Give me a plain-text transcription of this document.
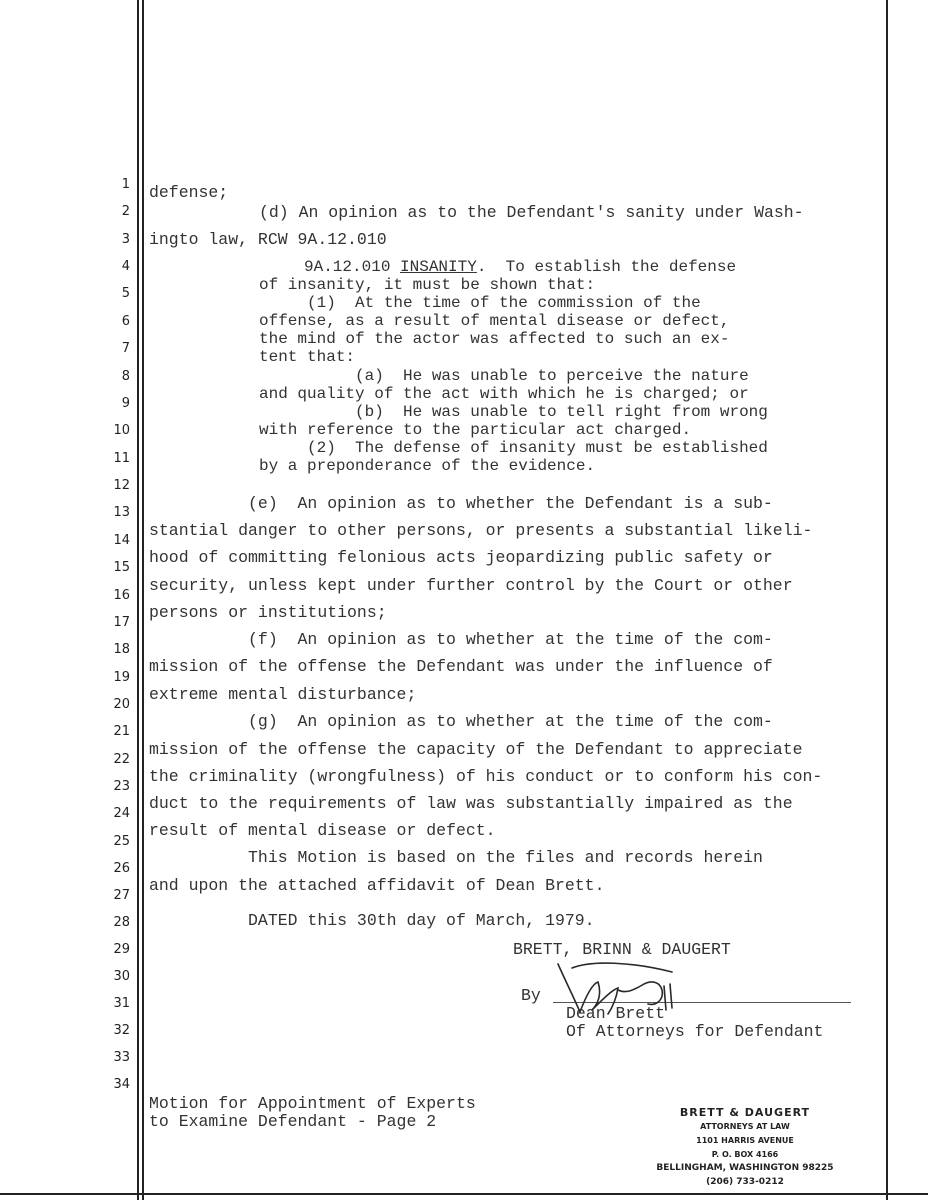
1
2
3
4
5
6
7
8
9
10
11
12
13
14
15
16
17
18
19
20
21
22
23
24
25
26
27
28
29
30
31
32
33
34
defense;
(d) An opinion as to the Defendant's sanity under Wash-
ingto law, RCW 9A.12.010
9A.12.010 INSANITY.  To establish the defense
of insanity, it must be shown that:
(1)  At the time of the commission of the
offense, as a result of mental disease or defect,
the mind of the actor was affected to such an ex-
tent that:
(a)  He was unable to perceive the nature
and quality of the act with which he is charged; or
(b)  He was unable to tell right from wrong
with reference to the particular act charged.
(2)  The defense of insanity must be established
by a preponderance of the evidence.
(e)  An opinion as to whether the Defendant is a sub-
stantial danger to other persons, or presents a substantial likeli-
hood of committing felonious acts jeopardizing public safety or
security, unless kept under further control by the Court or other
persons or institutions;
(f)  An opinion as to whether at the time of the com-
mission of the offense the Defendant was under the influence of
extreme mental disturbance;
(g)  An opinion as to whether at the time of the com-
mission of the offense the capacity of the Defendant to appreciate
the criminality (wrongfulness) of his conduct or to conform his con-
duct to the requirements of law was substantially impaired as the
result of mental disease or defect.
This Motion is based on the files and records herein
and upon the attached affidavit of Dean Brett.
DATED this 30th day of March, 1979.
BRETT, BRINN & DAUGERT
By
Dean Brett
Of Attorneys for Defendant
Motion for Appointment of Experts
to Examine Defendant - Page 2	BRETT & DAUGERT
ATTORNEYS AT LAW
1101 HARRIS AVENUE
P. O. BOX 4166
BELLINGHAM, WASHINGTON 98225
(206) 733-0212
